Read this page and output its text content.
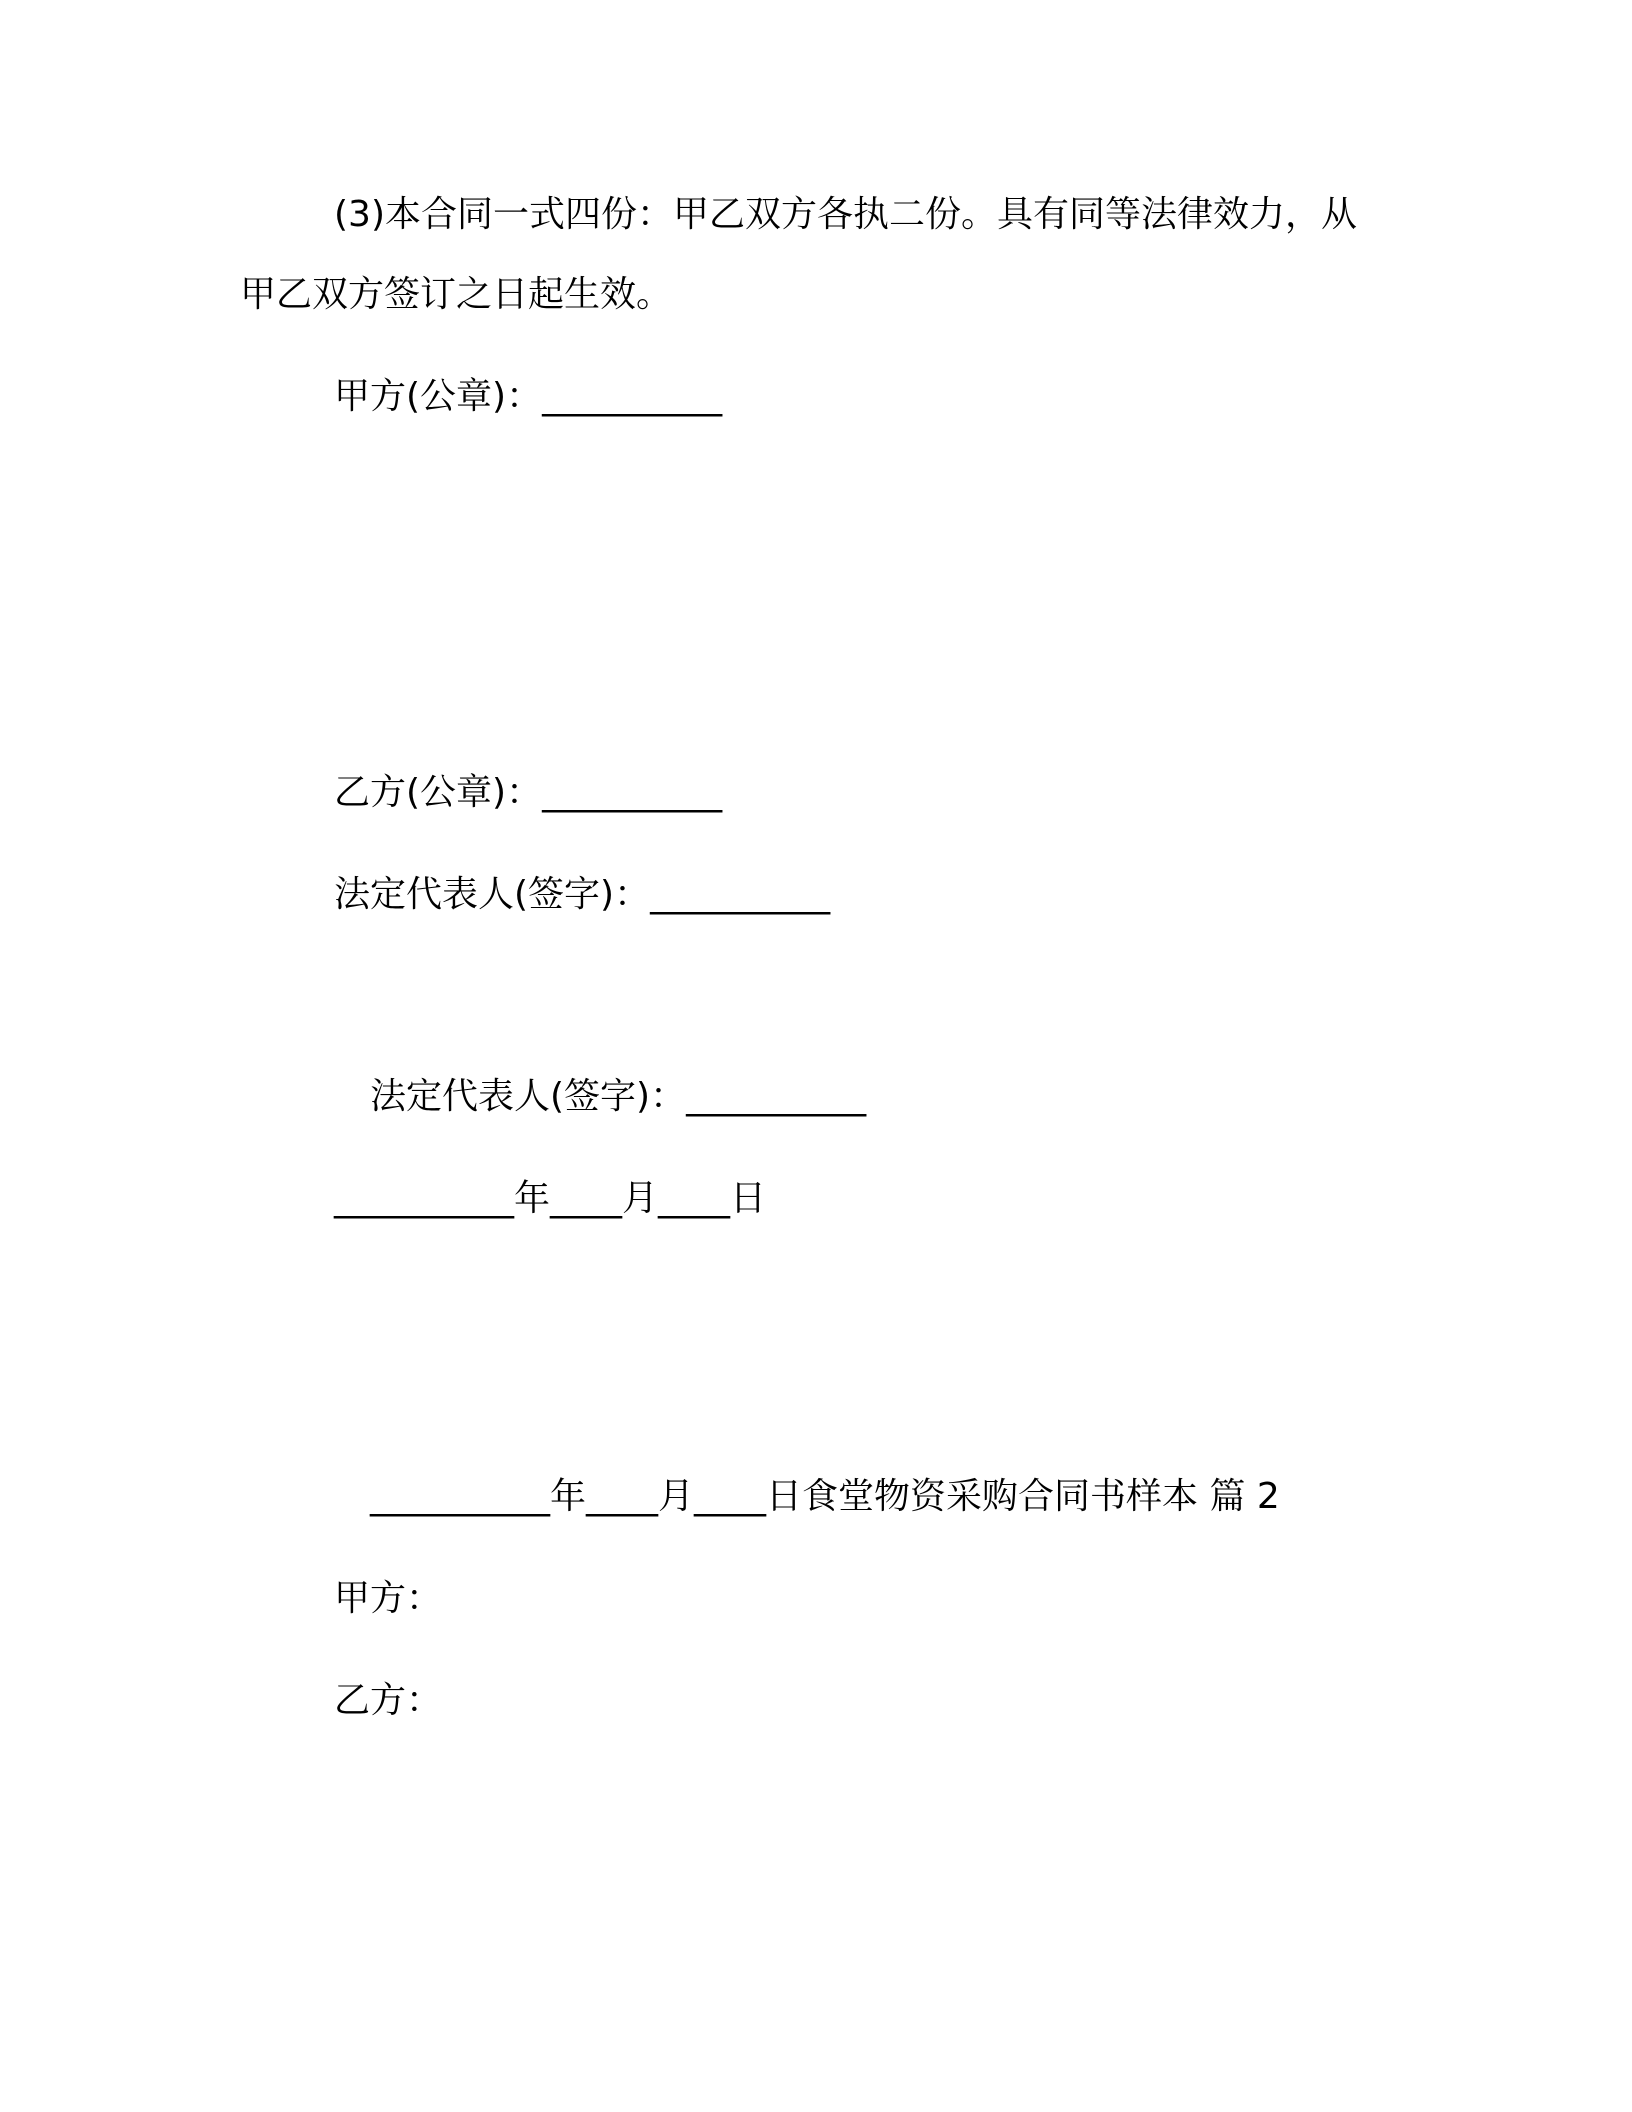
(3)本合同一式四份：甲乙双方各执二份。具有同等法律效力，从
甲乙双方签订之日起生效。
甲方(公章)：__________
乙方(公章)：__________
法定代表人(签字)：__________
法定代表人(签字)：__________
__________年____月____日
__________年____月____日食堂物资采购合同书样本 篇 2
甲方：
乙方：
